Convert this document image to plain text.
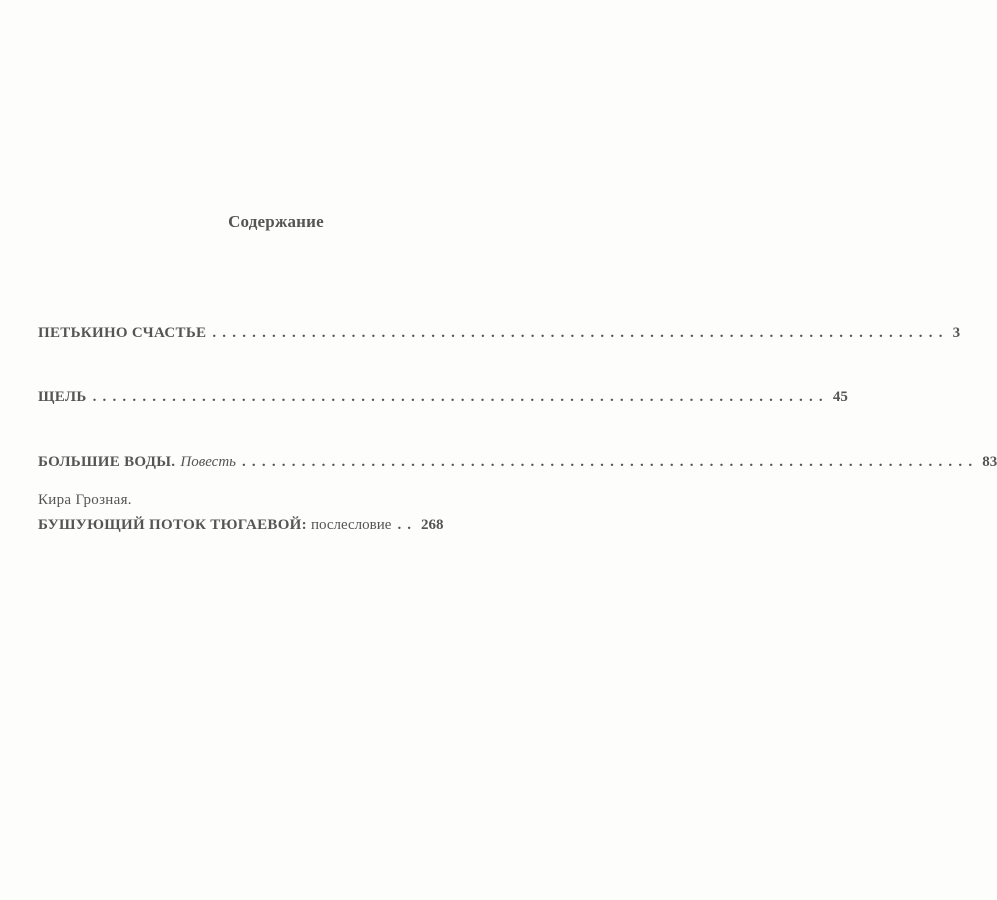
Содержание
ПЕТЬКИНО СЧАСТЬЕ .......................................................................... 3
ЩЕЛЬ .......................................................................... 45
БОЛЬШИЕ ВОДЫ. Повесть .......................................................................... 83
Кира Грозная.
БУШУЮЩИЙ ПОТОК ТЮГАЕВОЙ: послесловие .. 268
